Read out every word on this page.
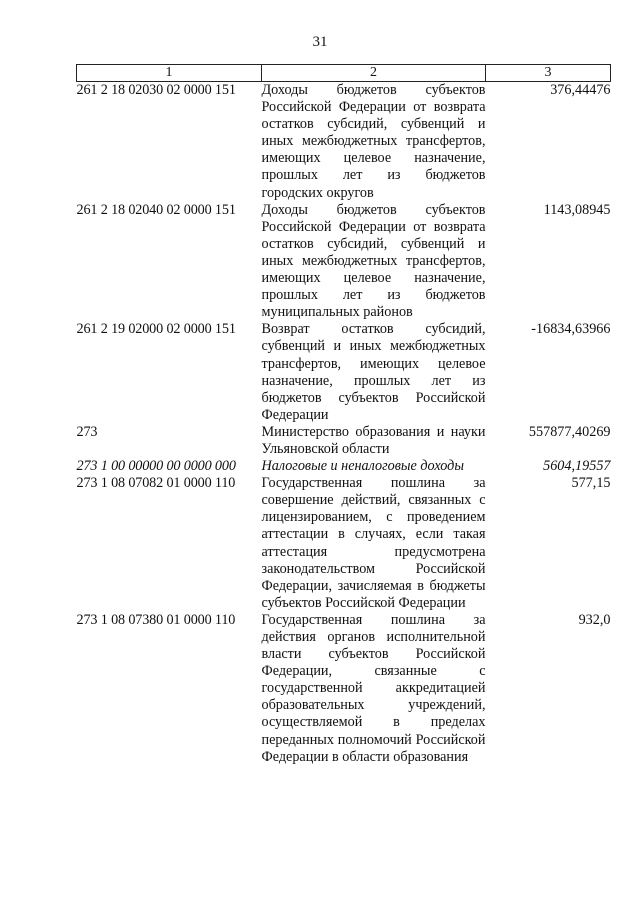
31
1	2	3
261 2 18 02030 02 0000 151	Доходы бюджетов субъектов Российской Федерации от возврата остатков субсидий, субвенций и иных межбюджетных трансфертов, имеющих целевое назначение, прошлых лет из бюджетов городских округов	376,44476
261 2 18 02040 02 0000 151	Доходы бюджетов субъектов Российской Федерации от возврата остатков субсидий, субвенций и иных межбюджетных трансфертов, имеющих целевое назначение, прошлых лет из бюджетов муниципальных районов	1143,08945
261 2 19 02000 02 0000 151	Возврат остатков субсидий, субвенций и иных межбюджетных трансфертов, имеющих целевое назначение, прошлых лет из бюджетов субъектов Российской Федерации	-16834,63966
273	Министерство образования и науки Ульяновской области	557877,40269
273 1 00 00000 00 0000 000	Налоговые и неналоговые доходы	5604,19557
273 1 08 07082 01 0000 110	Государственная пошлина за совершение действий, связанных с лицензированием, с проведением аттестации в случаях, если такая аттестация предусмотрена законодательством Российской Федерации, зачисляемая в бюджеты субъектов Российской Федерации	577,15
273 1 08 07380 01 0000 110	Государственная пошлина за действия органов исполнительной власти субъектов Российской Федерации, связанные с государственной аккредитацией образовательных учреждений, осуществляемой в пределах переданных полномочий Российской Федерации в области образования	932,0
